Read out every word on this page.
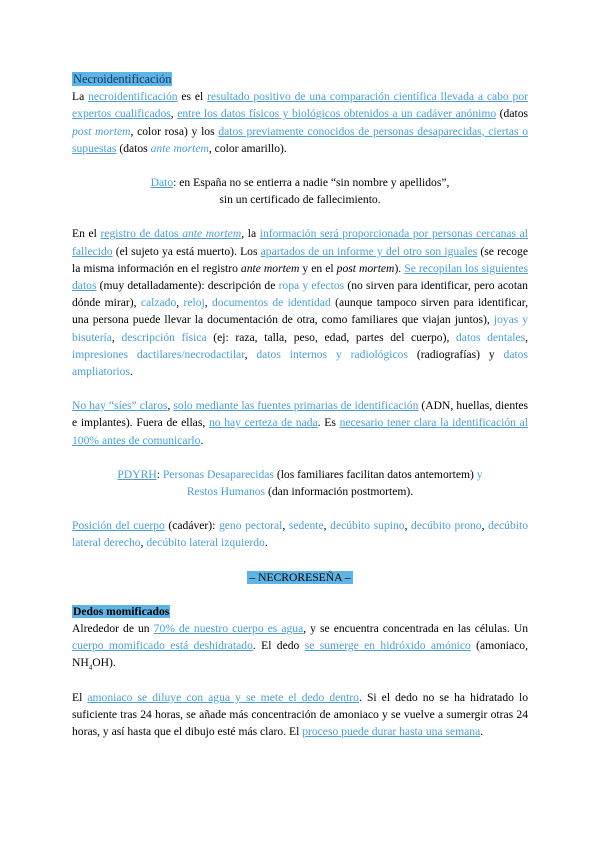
Necroidentificación

La necroidentificación es el resultado positivo de una comparación científica llevada a cabo por expertos cualificados, entre los datos físicos y biológicos obtenidos a un cadáver anónimo (datos post mortem, color rosa) y los datos previamente conocidos de personas desaparecidas, ciertas o supuestas (datos ante mortem, color amarillo).

Dato: en España no se entierra a nadie “sin nombre y apellidos”,

sin un certificado de fallecimiento.

En el registro de datos ante mortem, la información será proporcionada por personas cercanas al fallecido (el sujeto ya está muerto). Los apartados de un informe y del otro son iguales (se recoge la misma información en el registro ante mortem y en el post mortem). Se recopilan los siguientes datos (muy detalladamente): descripción de ropa y efectos (no sirven para identificar, pero acotan dónde mirar), calzado, reloj, documentos de identidad (aunque tampoco sirven para identificar, una persona puede llevar la documentación de otra, como familiares que viajan juntos), joyas y bisutería, descripción física (ej: raza, talla, peso, edad, partes del cuerpo), datos dentales, impresiones dactilares/necrodactilar, datos internos y radiológicos (radiografías) y datos ampliatorios.

No hay “síes” claros, solo mediante las fuentes primarias de identificación (ADN, huellas, dientes e implantes). Fuera de ellas, no hay certeza de nada. Es necesario tener clara la identificación al 100% antes de comunicarlo.

PDYRH: Personas Desaparecidas (los familiares facilitan datos antemortem) y

Restos Humanos (dan información postmortem).

Posición del cuerpo (cadáver): geno pectoral, sedente, decúbito supino, decúbito prono, decúbito lateral derecho, decúbito lateral izquierdo.

– NECRORESEÑA –

Dedos momificados

Alrededor de un 70% de nuestro cuerpo es agua, y se encuentra concentrada en las células. Un cuerpo momificado está deshidratado. El dedo se sumerge en hidróxido amónico (amoniaco, $NH_4OH$).

El amoniaco se diluye con agua y se mete el dedo dentro. Si el dedo no se ha hidratado lo suficiente tras 24 horas, se añade más concentración de amoniaco y se vuelve a sumergir otras 24 horas, y así hasta que el dibujo esté más claro. El proceso puede durar hasta una semana.
